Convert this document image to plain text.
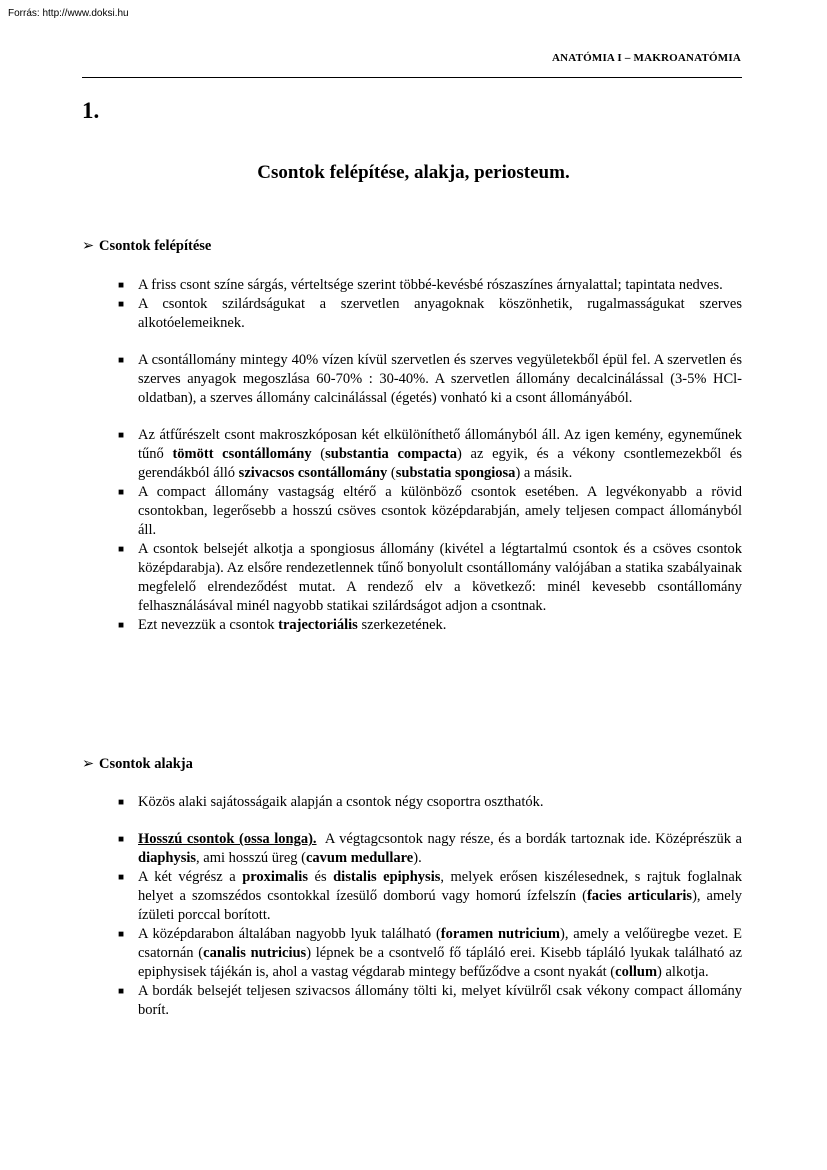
Forrás: http://www.doksi.hu
ANATÓMIA I – MAKROANATÓMIA
1.
Csontok felépítése, alakja, periosteum.
➢ Csontok felépítése
■ A friss csont színe sárgás, vérteltsége szerint többé-kevésbé rószaszínes árnyalattal; tapintata nedves.
■ A csontok szilárdságukat a szervetlen anyagoknak köszönhetik, rugalmasságukat szerves alkotóelemeiknek.
■ A csontállomány mintegy 40% vízen kívül szervetlen és szerves vegyületekből épül fel. A szervetlen és szerves anyagok megoszlása 60-70% : 30-40%. A szervetlen állomány decalcinálással (3-5% HCl-oldatban), a szerves állomány calcinálással (égetés) vonható ki a csont állományából.
■ Az átfűrészelt csont makroszkóposan két elkülöníthető állományból áll. Az igen kemény, egyneműnek tűnő tömött csontállomány (substantia compacta) az egyik, és a vékony csontlemezekből és gerendákból álló szivacsos csontállomány (substatia spongiosa) a másik.
■ A compact állomány vastagság eltérő a különböző csontok esetében. A legvékonyabb a rövid csontokban, legerősebb a hosszú csöves csontok középdarabján, amely teljesen compact állományból áll.
■ A csontok belsejét alkotja a spongiosus állomány (kivétel a légtartalmú csontok és a csöves csontok középdarabja). Az elsőre rendezetlennek tűnő bonyolult csontállomány valójában a statika szabályainak megfelelő elrendeződést mutat. A rendező elv a következő: minél kevesebb csontállomány felhasználásával minél nagyobb statikai szilárdságot adjon a csontnak.
■ Ezt nevezzük a csontok trajectoriális szerkezetének.
➢ Csontok alakja
■ Közös alaki sajátosságaik alapján a csontok négy csoportra oszthatók.
■ Hosszú csontok (ossa longa).  A végtagcsontok nagy része, és a bordák tartoznak ide. Középrészük a diaphysis, ami hosszú üreg (cavum medullare).
■ A két végrész a proximalis és distalis epiphysis, melyek erősen kiszélesednek, s rajtuk foglalnak helyet a szomszédos csontokkal ízesülő domború vagy homorú ízfelszín (facies articularis), amely ízületi porccal borított.
■ A középdarabon általában nagyobb lyuk található (foramen nutricium), amely a velőüregbe vezet. E csatornán (canalis nutricius) lépnek be a csontvelő fő tápláló erei. Kisebb tápláló lyukak található az epiphysisek tájékán is, ahol a vastag végdarab mintegy befűződve a csont nyakát (collum) alkotja.
■ A bordák belsejét teljesen szivacsos állomány tölti ki, melyet kívülről csak vékony compact állomány borít.
